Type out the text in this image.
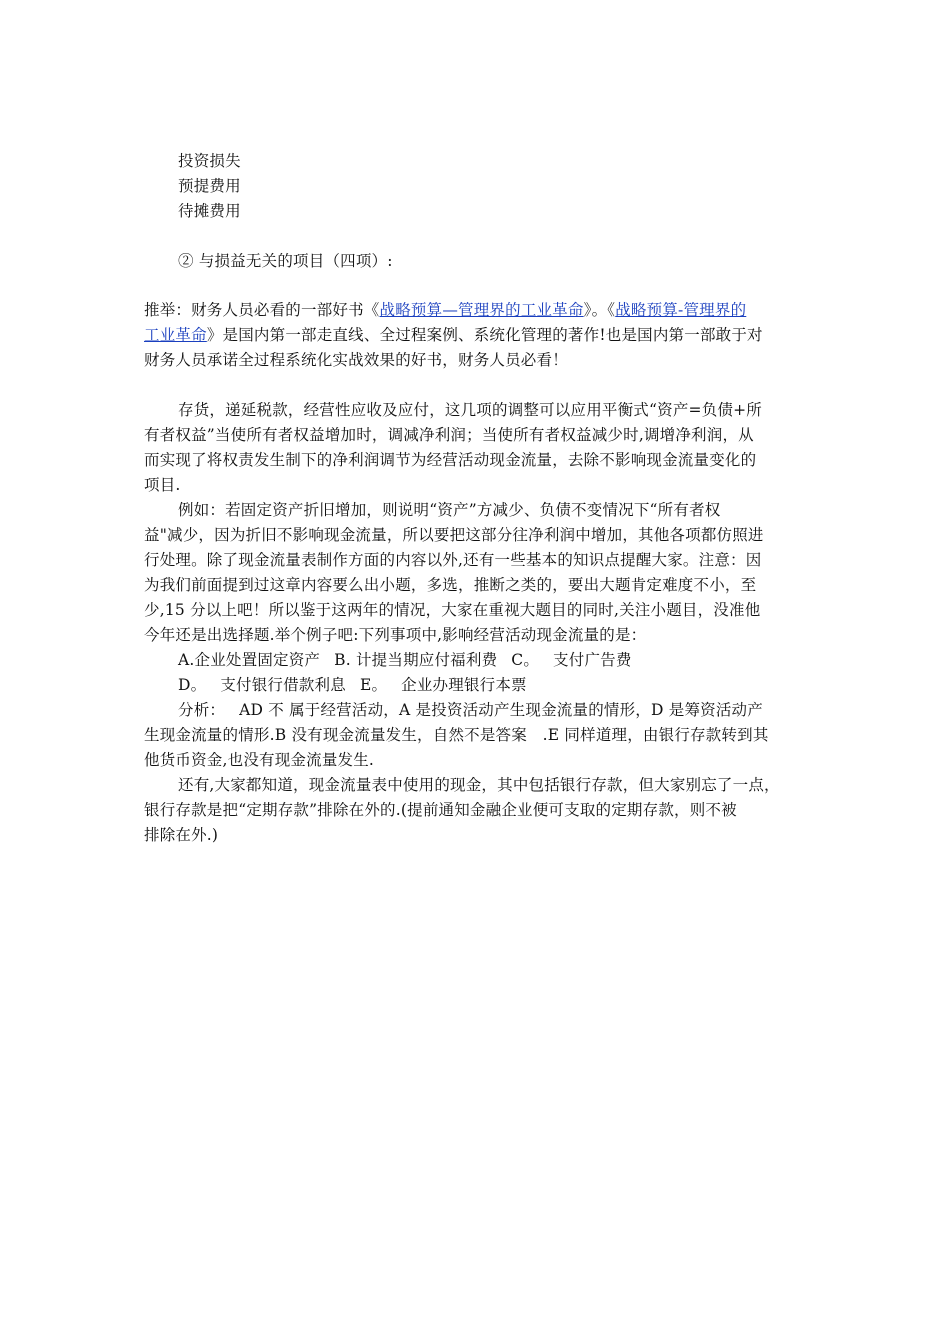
投资损失
预提费用
待摊费用
② 与损益无关的项目（四项）:
推举：财务人员必看的一部好书《战略预算—管理界的工业革命》。《战略预算-管理界的
工业革命》是国内第一部走直线、全过程案例、系统化管理的著作!也是国内第一部敢于对
财务人员承诺全过程系统化实战效果的好书，财务人员必看！
存货，递延税款，经营性应收及应付，这几项的调整可以应用平衡式“资产=负债+所
有者权益”当使所有者权益增加时，调减净利润；当使所有者权益减少时,调增净利润，从
而实现了将权责发生制下的净利润调节为经营活动现金流量，去除不影响现金流量变化的
项目.
例如：若固定资产折旧增加，则说明“资产”方减少、负债不变情况下“所有者权
益"减少，因为折旧不影响现金流量，所以要把这部分往净利润中增加，其他各项都仿照进
行处理。除了现金流量表制作方面的内容以外,还有一些基本的知识点提醒大家。注意：因
为我们前面提到过这章内容要么出小题，多选，推断之类的，要出大题肯定难度不小，至
少,15 分以上吧！所以鉴于这两年的情况，大家在重视大题目的同时,关注小题目，没准他
今年还是出选择题.举个例子吧:下列事项中,影响经营活动现金流量的是：
A.企业处置固定资产 B. 计提当期应付福利费 C。 支付广告费
D。 支付银行借款利息 E。 企业办理银行本票
分析： AD 不 属于经营活动，A 是投资活动产生现金流量的情形，D 是筹资活动产
生现金流量的情形.B 没有现金流量发生，自然不是答案　.E 同样道理，由银行存款转到其
他货币资金,也没有现金流量发生.
还有,大家都知道，现金流量表中使用的现金，其中包括银行存款，但大家别忘了一点，
银行存款是把“定期存款”排除在外的.(提前通知金融企业便可支取的定期存款，则不被
排除在外.)
